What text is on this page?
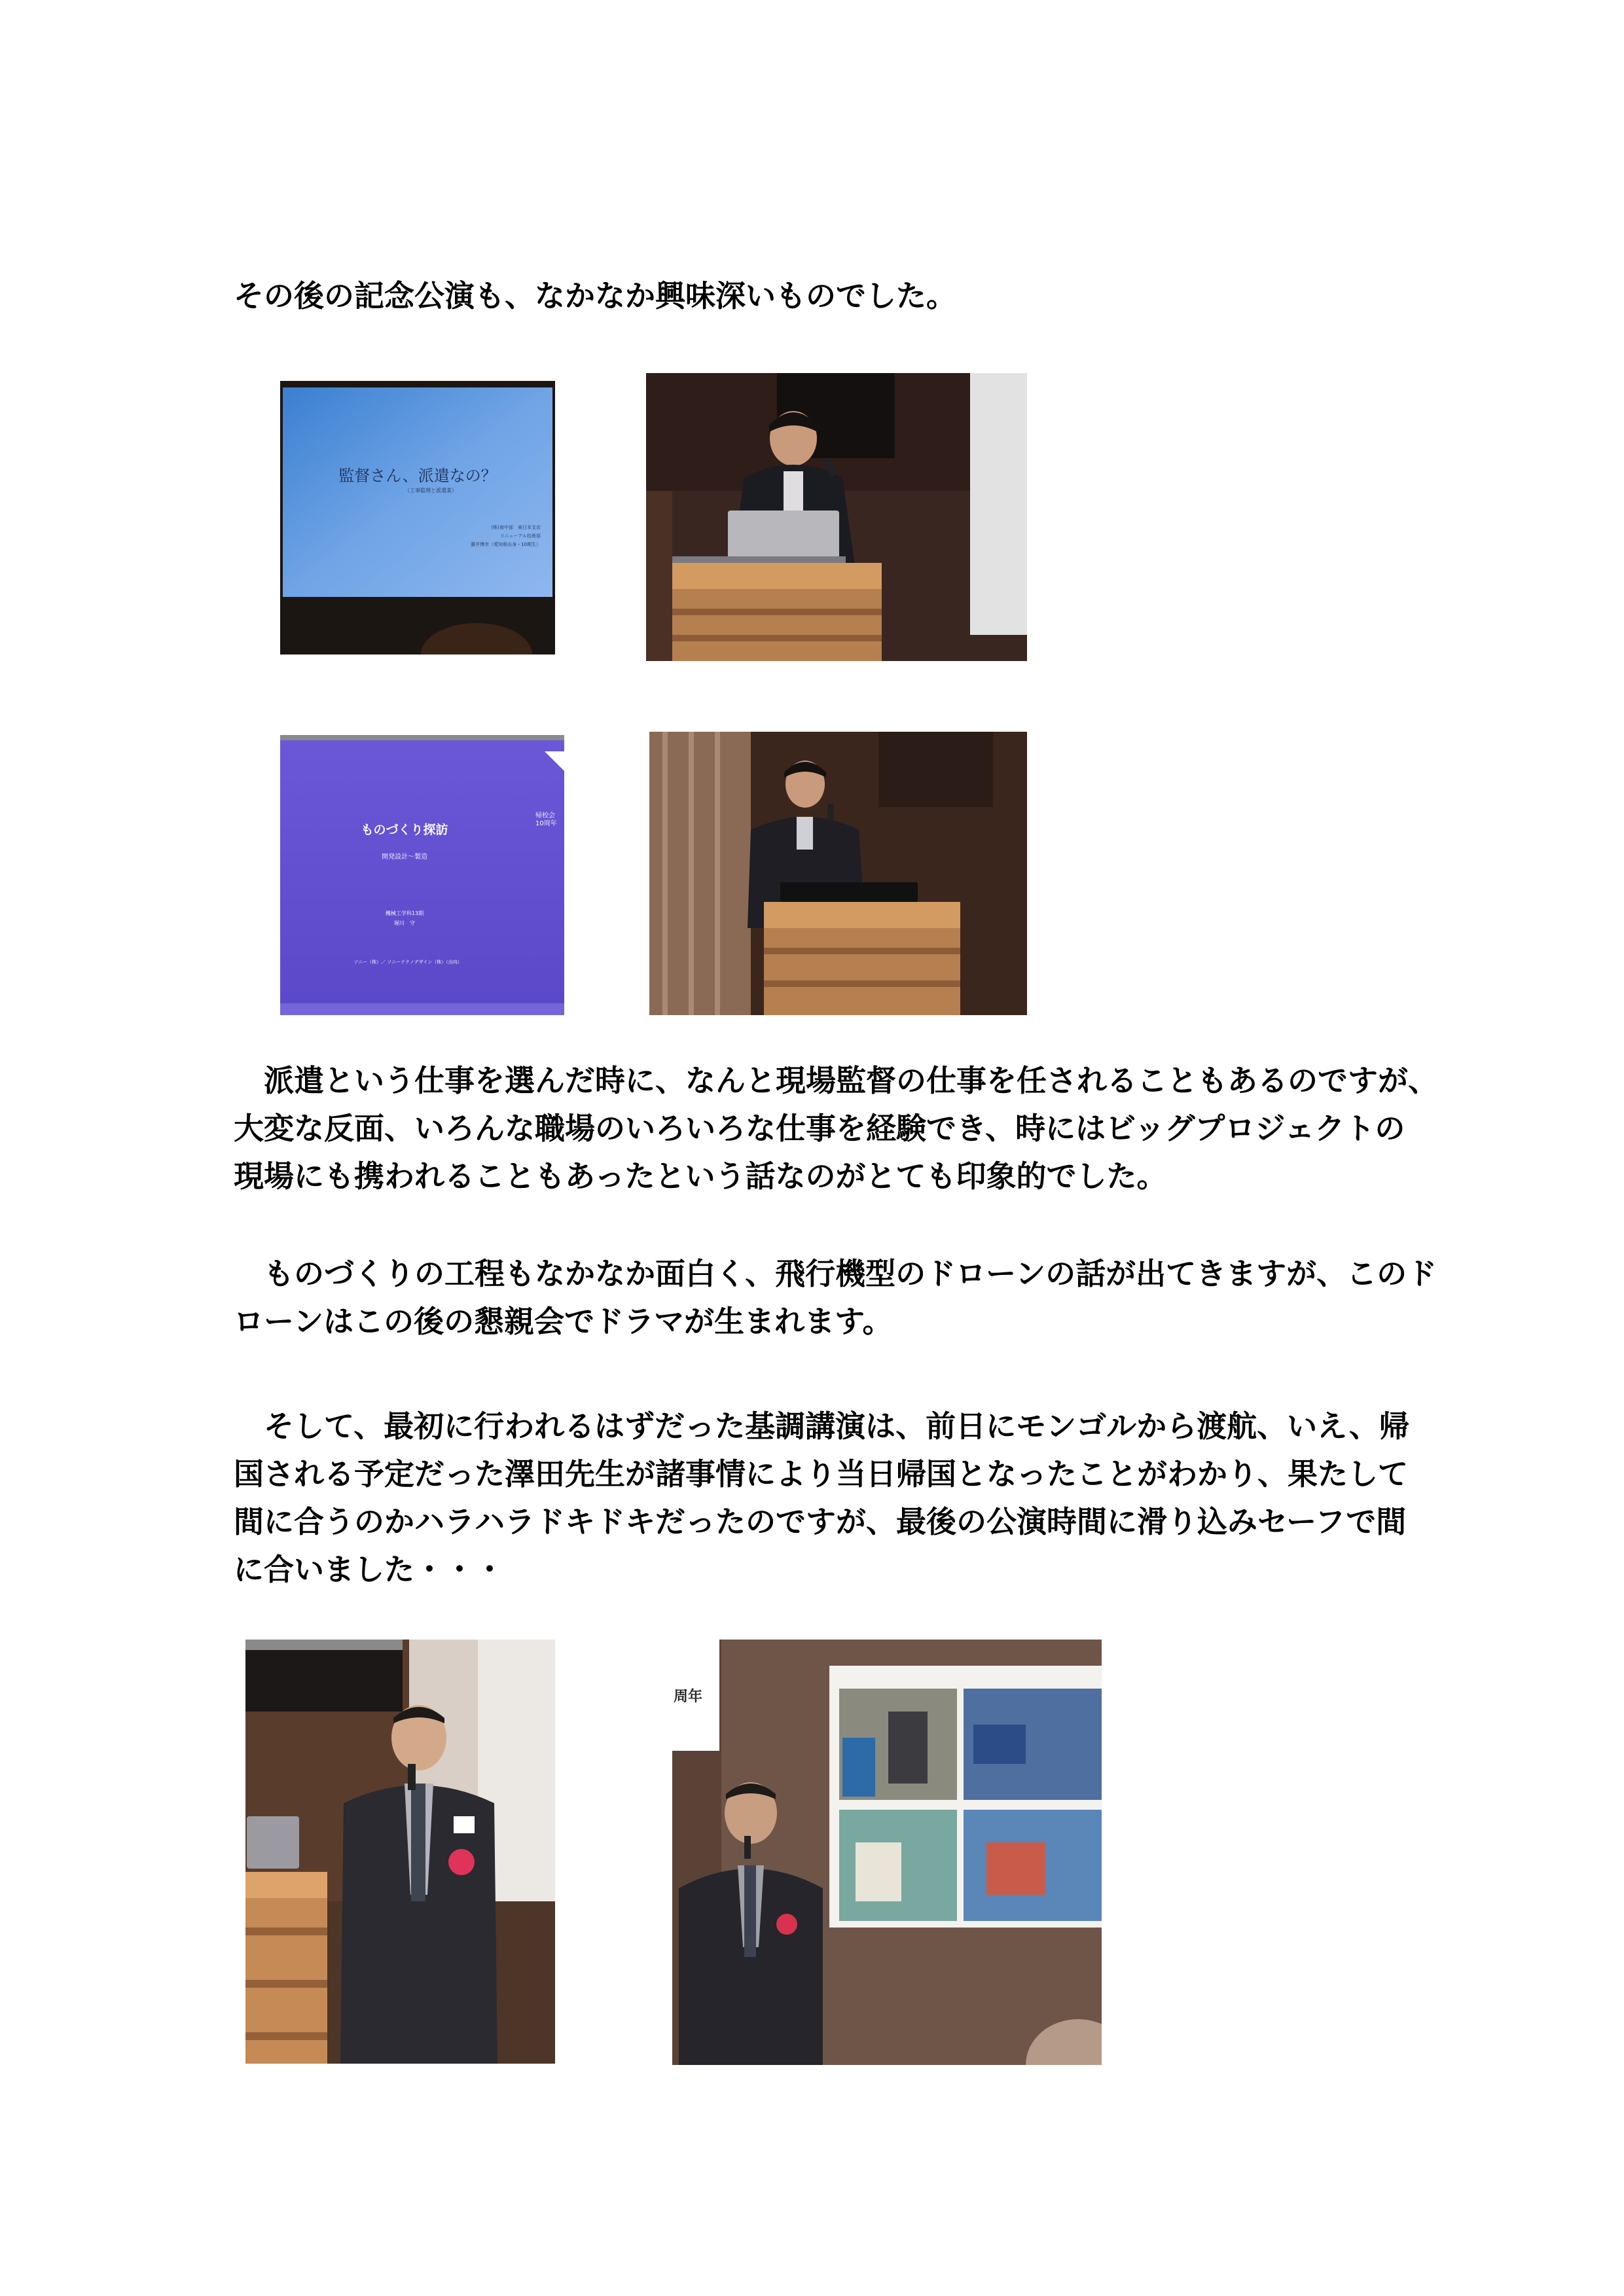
その後の記念公演も、なかなか興味深いものでした。
監督さん、派遣なの？
（工事監理と派遣業）
(株)南中部　東日本支店
リニューアル技術部
藤井博幸（愛知県出身・10期生）
ものづくり探訪
開発設計～製造
帰校会
10周年
機械工学科13期
堀川　守
ソニー（株）／ ソニーテクノデザイン（株）（出向）
　派遣という仕事を選んだ時に、なんと現場監督の仕事を任されることもあるのですが、
大変な反面、いろんな職場のいろいろな仕事を経験でき、時にはビッグプロジェクトの
現場にも携われることもあったという話なのがとても印象的でした。
　ものづくりの工程もなかなか面白く、飛行機型のドローンの話が出てきますが、このド
ローンはこの後の懇親会でドラマが生まれます。
　そして、最初に行われるはずだった基調講演は、前日にモンゴルから渡航、いえ、帰
国される予定だった澤田先生が諸事情により当日帰国となったことがわかり、果たして
間に合うのかハラハラドキドキだったのですが、最後の公演時間に滑り込みセーフで間
に合いました・・・
周年
